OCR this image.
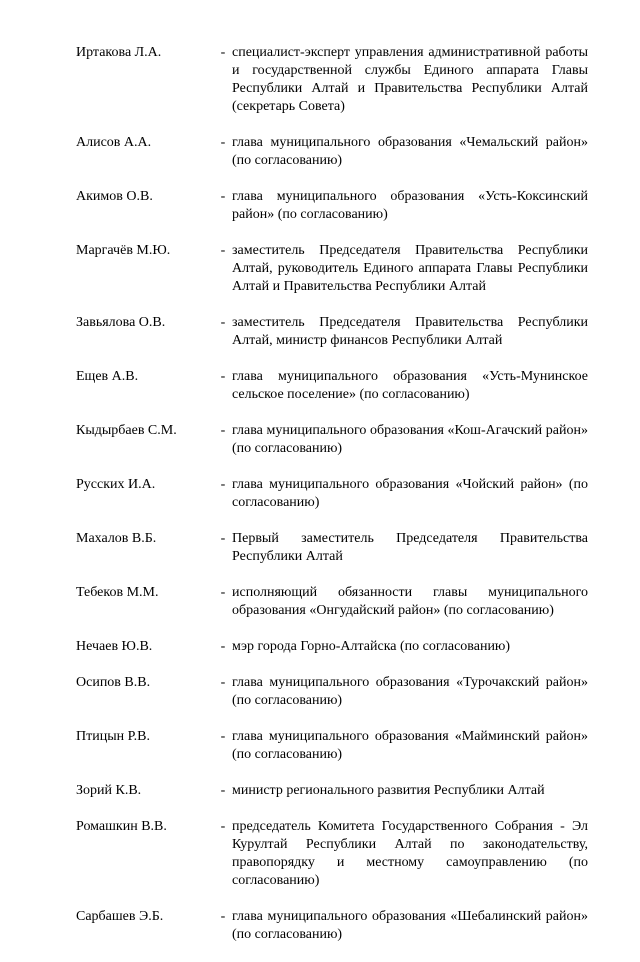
Иртакова Л.А.	- специалист-эксперт управления административной работы и государственной службы Единого аппарата Главы Республики Алтай и Правительства Республики Алтай (секретарь Совета)
Алисов А.А.	- глава муниципального образования «Чемальский район» (по согласованию)
Акимов О.В.	- глава муниципального образования «Усть-Коксинский район» (по согласованию)
Маргачёв М.Ю.	- заместитель Председателя Правительства Республики Алтай, руководитель Единого аппарата Главы Республики Алтай и Правительства Республики Алтай
Завьялова О.В.	- заместитель Председателя Правительства Республики Алтай, министр финансов Республики Алтай
Ещев А.В.	- глава муниципального образования «Усть-Мунинское сельское поселение» (по согласованию)
Кыдырбаев С.М.	- глава муниципального образования «Кош-Агачский район» (по согласованию)
Русских И.А.	- глава муниципального образования «Чойский район» (по согласованию)
Махалов В.Б.	- Первый заместитель Председателя Правительства Республики Алтай
Тебеков М.М.	- исполняющий обязанности главы муниципального образования «Онгудайский район» (по согласованию)
Нечаев Ю.В.	- мэр города Горно-Алтайска (по согласованию)
Осипов В.В.	- глава муниципального образования «Турочакский район» (по согласованию)
Птицын Р.В.	- глава муниципального образования «Майминский район» (по согласованию)
Зорий К.В.	- министр регионального развития Республики Алтай
Ромашкин В.В.	- председатель Комитета Государственного Собрания - Эл Курултай Республики Алтай по законодательству, правопорядку и местному самоуправлению (по согласованию)
Сарбашев Э.Б.	- глава муниципального образования «Шебалинский район» (по согласованию)
